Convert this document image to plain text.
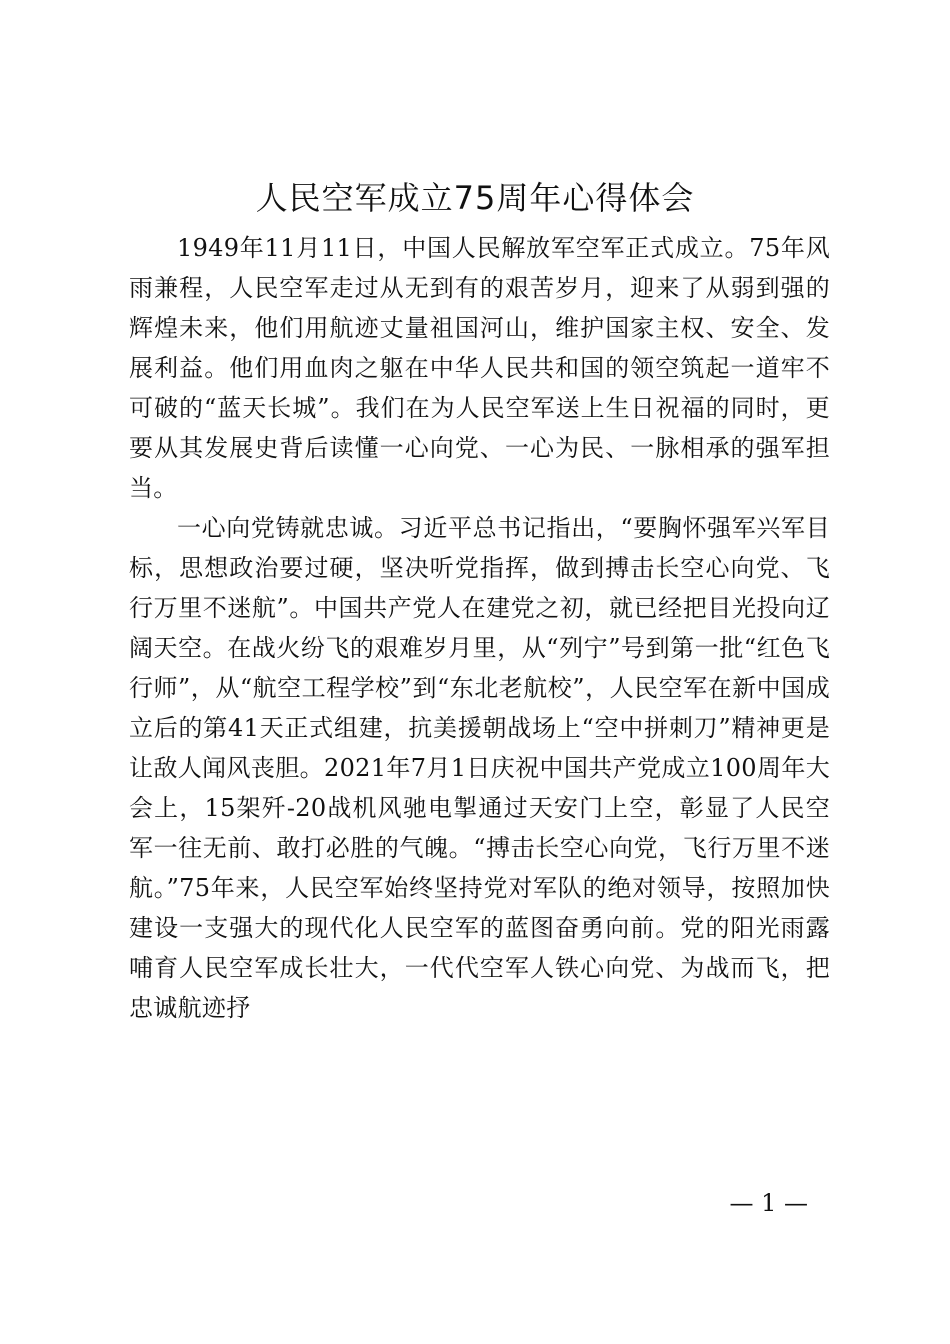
人民空军成立75周年心得体会

1949年11月11日，中国人民解放军空军正式成立。75年风雨兼程，人民空军走过从无到有的艰苦岁月，迎来了从弱到强的辉煌未来，他们用航迹丈量祖国河山，维护国家主权、安全、发展利益。他们用血肉之躯在中华人民共和国的领空筑起一道牢不可破的“蓝天长城”。我们在为人民空军送上生日祝福的同时，更要从其发展史背后读懂一心向党、一心为民、一脉相承的强军担当。

一心向党铸就忠诚。习近平总书记指出，“要胸怀强军兴军目标，思想政治要过硬，坚决听党指挥，做到搏击长空心向党、飞行万里不迷航”。中国共产党人在建党之初，就已经把目光投向辽阔天空。在战火纷飞的艰难岁月里，从“列宁”号到第一批“红色飞行师”，从“航空工程学校”到“东北老航校”，人民空军在新中国成立后的第41天正式组建，抗美援朝战场上“空中拼刺刀”精神更是让敌人闻风丧胆。2021年7月1日庆祝中国共产党成立100周年大会上，15架歼-20战机风驰电掣通过天安门上空，彰显了人民空军一往无前、敢打必胜的气魄。“搏击长空心向党，飞行万里不迷航。”75年来，人民空军始终坚持党对军队的绝对领导，按照加快建设一支强大的现代化人民空军的蓝图奋勇向前。党的阳光雨露哺育人民空军成长壮大，一代代空军人铁心向党、为战而飞，把忠诚航迹抒

— 1 —
